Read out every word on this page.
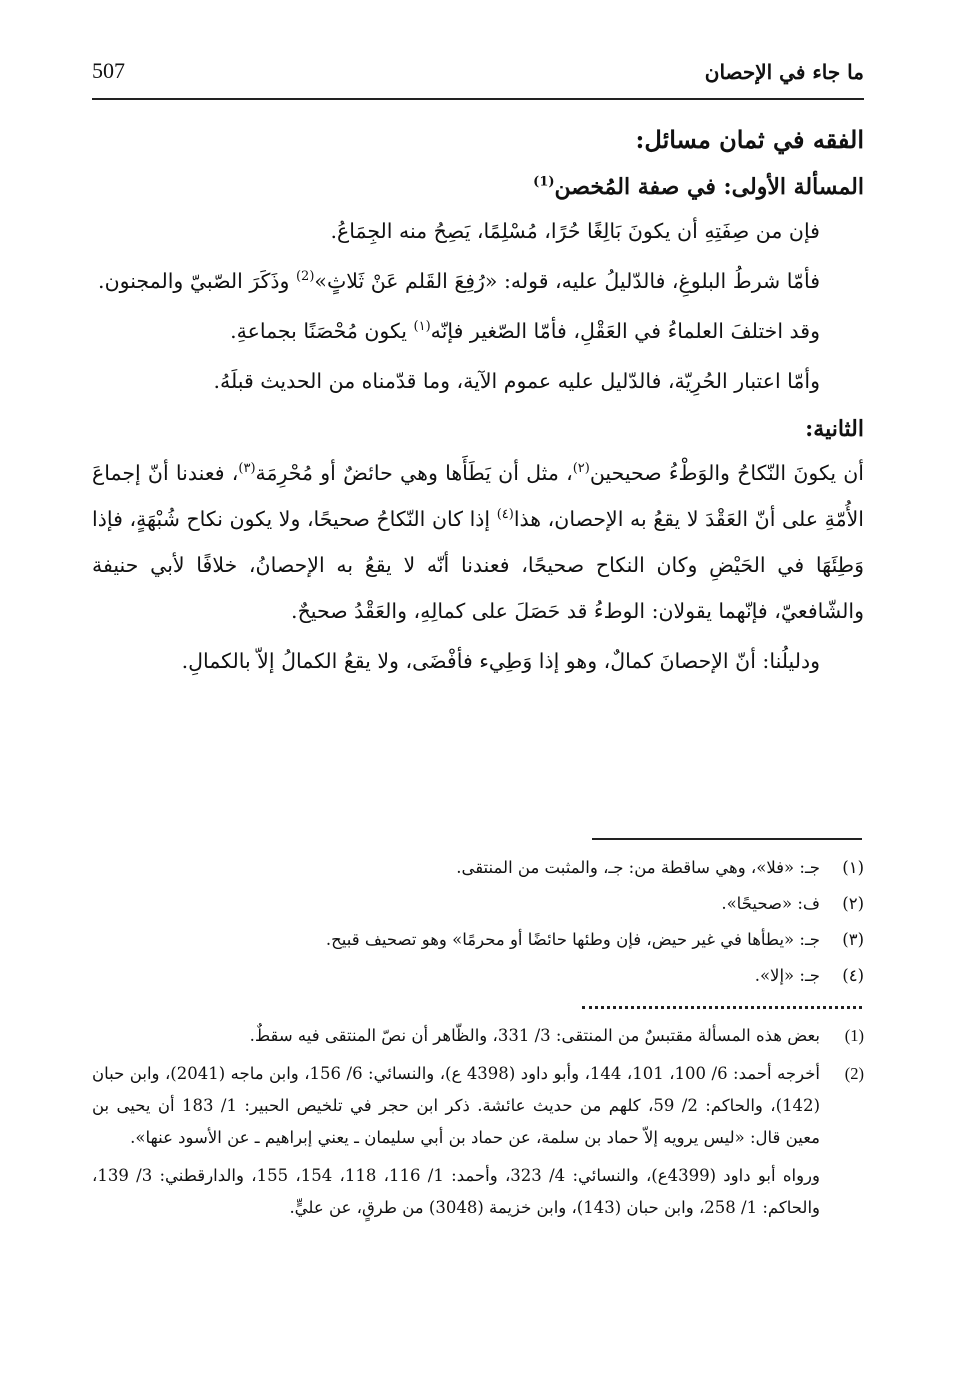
507	ما جاء في الإحصان

الفقه في ثمان مسائل:

المسألة الأولى: في صفة المُخصن$^{(1)}$

فإن من صِفَتِهِ أن يكونَ بَالِغًا حُرًا، مُسْلِمًا، يَصِحُ منه الجِمَاعُ.

فأمّا شرطُ البلوغِ، فالدّليلُ عليه، قوله: «رُفِعَ القَلم عَنْ ثَلاثٍ»$^{(2)}$ وذَكَرَ الصّبيّ والمجنون.

وقد اختلفَ العلماءُ في العَقْلِ، فأمّا الصّغير فإنّه$^{(١)}$ يكون مُحْصَنًا بجماعةِ.

وأمّا اعتبار الحُرِيّة، فالدّليل عليه عموم الآية، وما قدّمناه من الحديث قبلَهُ.

الثانية:

أن يكونَ النّكاحُ والوَطْءُ صحيحين$^{(٢)}$، مثل أن يَطَأَها وهي حائضٌ أو مُحْرِمَة$^{(٣)}$، فعندنا أنّ إجماعَ الأُمّةِ على أنّ العَقْدَ لا يقعُ به الإحصان، هذا$^{(٤)}$ إذا كان النّكاحُ صحيحًا، ولا يكون نكاح شُبْهَةٍ، فإذا وَطِئَهَا في الحَيْضِ وكان النكاح صحيحًا، فعندنا أنّه لا يقعُ به الإحصانُ، خلافًا لأبي حنيفة والشّافعيّ، فإنّهما يقولان: الوطءُ قد حَصَلَ على كمالِهِ، والعَقْدُ صحيحٌ.

ودليلُنا: أنّ الإحصانَ كمالٌ، وهو إذا وَطِيء فأفْضَى، ولا يقعُ الكمالُ إلاّ بالكمالِ.

(١)
جـ: «فلا»، وهي ساقطة من: جـ، والمثبت من المنتقى.
(٢)
ف: «صحيحًا».
(٣)
جـ: «يطأها في غير حيض، فإن وطئها حائضًا أو محرمًا» وهو تصحيف قبيح.
(٤)
جـ: «إلا».
(1)
بعض هذه المسألة مقتبسٌ من المنتقى: 3/ 331، والظّاهر أن نصّ المنتقى فيه سقطٌ.
(2)
أخرجه أحمد: 6/ 100، 101، 144، وأبو داود (4398 ع)، والنسائي: 6/ 156، وابن ماجه (2041)، وابن حبان (142)، والحاكم: 2/ 59، كلهم من حديث عائشة. ذكر ابن حجر في تلخيص الحبير: 1/ 183 أن يحيى بن معين قال: «ليس يرويه إلاّ حماد بن سلمة، عن حماد بن أبي سليمان ـ يعني إبراهيم ـ عن الأسود عنها».
ورواه أبو داود (4399ع)، والنسائي: 4/ 323، وأحمد: 1/ 116، 118، 154، 155، والدارقطني: 3/ 139، والحاكم: 1/ 258، وابن حبان (143)، وابن خزيمة (3048) من طرقٍ، عن عليٍّ.
